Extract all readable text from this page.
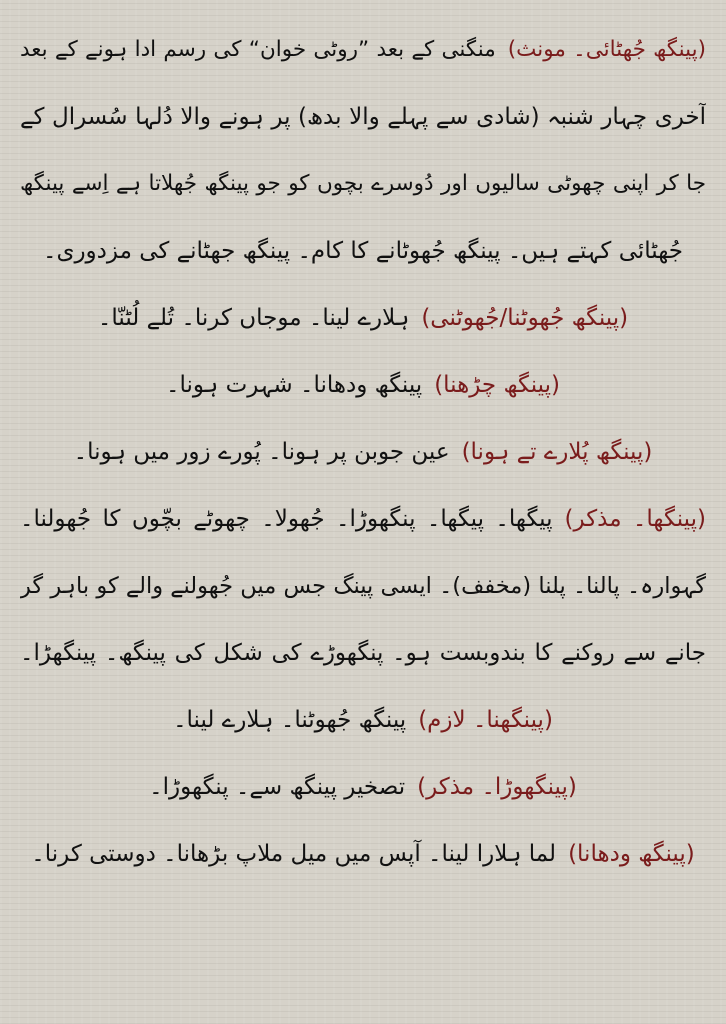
(پینگھ جُھٹائی۔ مونث)منگنی کے بعد ”روٹی خوان“ کی رسم ادا ہونے کے بعد
آخری چہار شنبہ (شادی سے پہلے والا بدھ) پر ہونے والا دُلہا سُسرال کے
جا کر اپنی چھوٹی سالیوں اور دُوسرے بچوں کو جو پینگھ جُھلاتا ہے اِسے پینگھ
جُھٹائی کہتے ہیں۔ پینگھ جُھوٹانے کا کام۔ پینگھ جھٹانے کی مزدوری۔
(پینگھ جُھوٹنا/جُھوٹنی)ہلارے لینا۔ موجاں کرنا۔ تُلے لُٹنّا۔
(پینگھ چڑھنا)پینگھ ودھانا۔ شہرت ہونا۔
(پینگھ پُلارے تے ہونا)عین جوبن پر ہونا۔ پُورے زور میں ہونا۔
(پینگھا۔ مذکر)پیگھا۔ پیگھا۔ پنگھوڑا۔ جُھولا۔ چھوٹے بچّوں کا جُھولنا۔
گہوارہ۔ پالنا۔ پلنا (مخفف)۔ ایسی پینگ جس میں جُھولنے والے کو باہر گر
جانے سے روکنے کا بندوبست ہو۔ پنگھوڑے کی شکل کی پینگھ۔ پینگھڑا۔
(پینگھنا۔ لازم)پینگھ جُھوٹنا۔ ہلارے لینا۔
(پینگھوڑا۔ مذکر)تصخیر پینگھ سے۔ پنگھوڑا۔
(پینگھ ودھانا)لما ہلارا لینا۔ آپس میں میل ملاپ بڑھانا۔ دوستی کرنا۔
